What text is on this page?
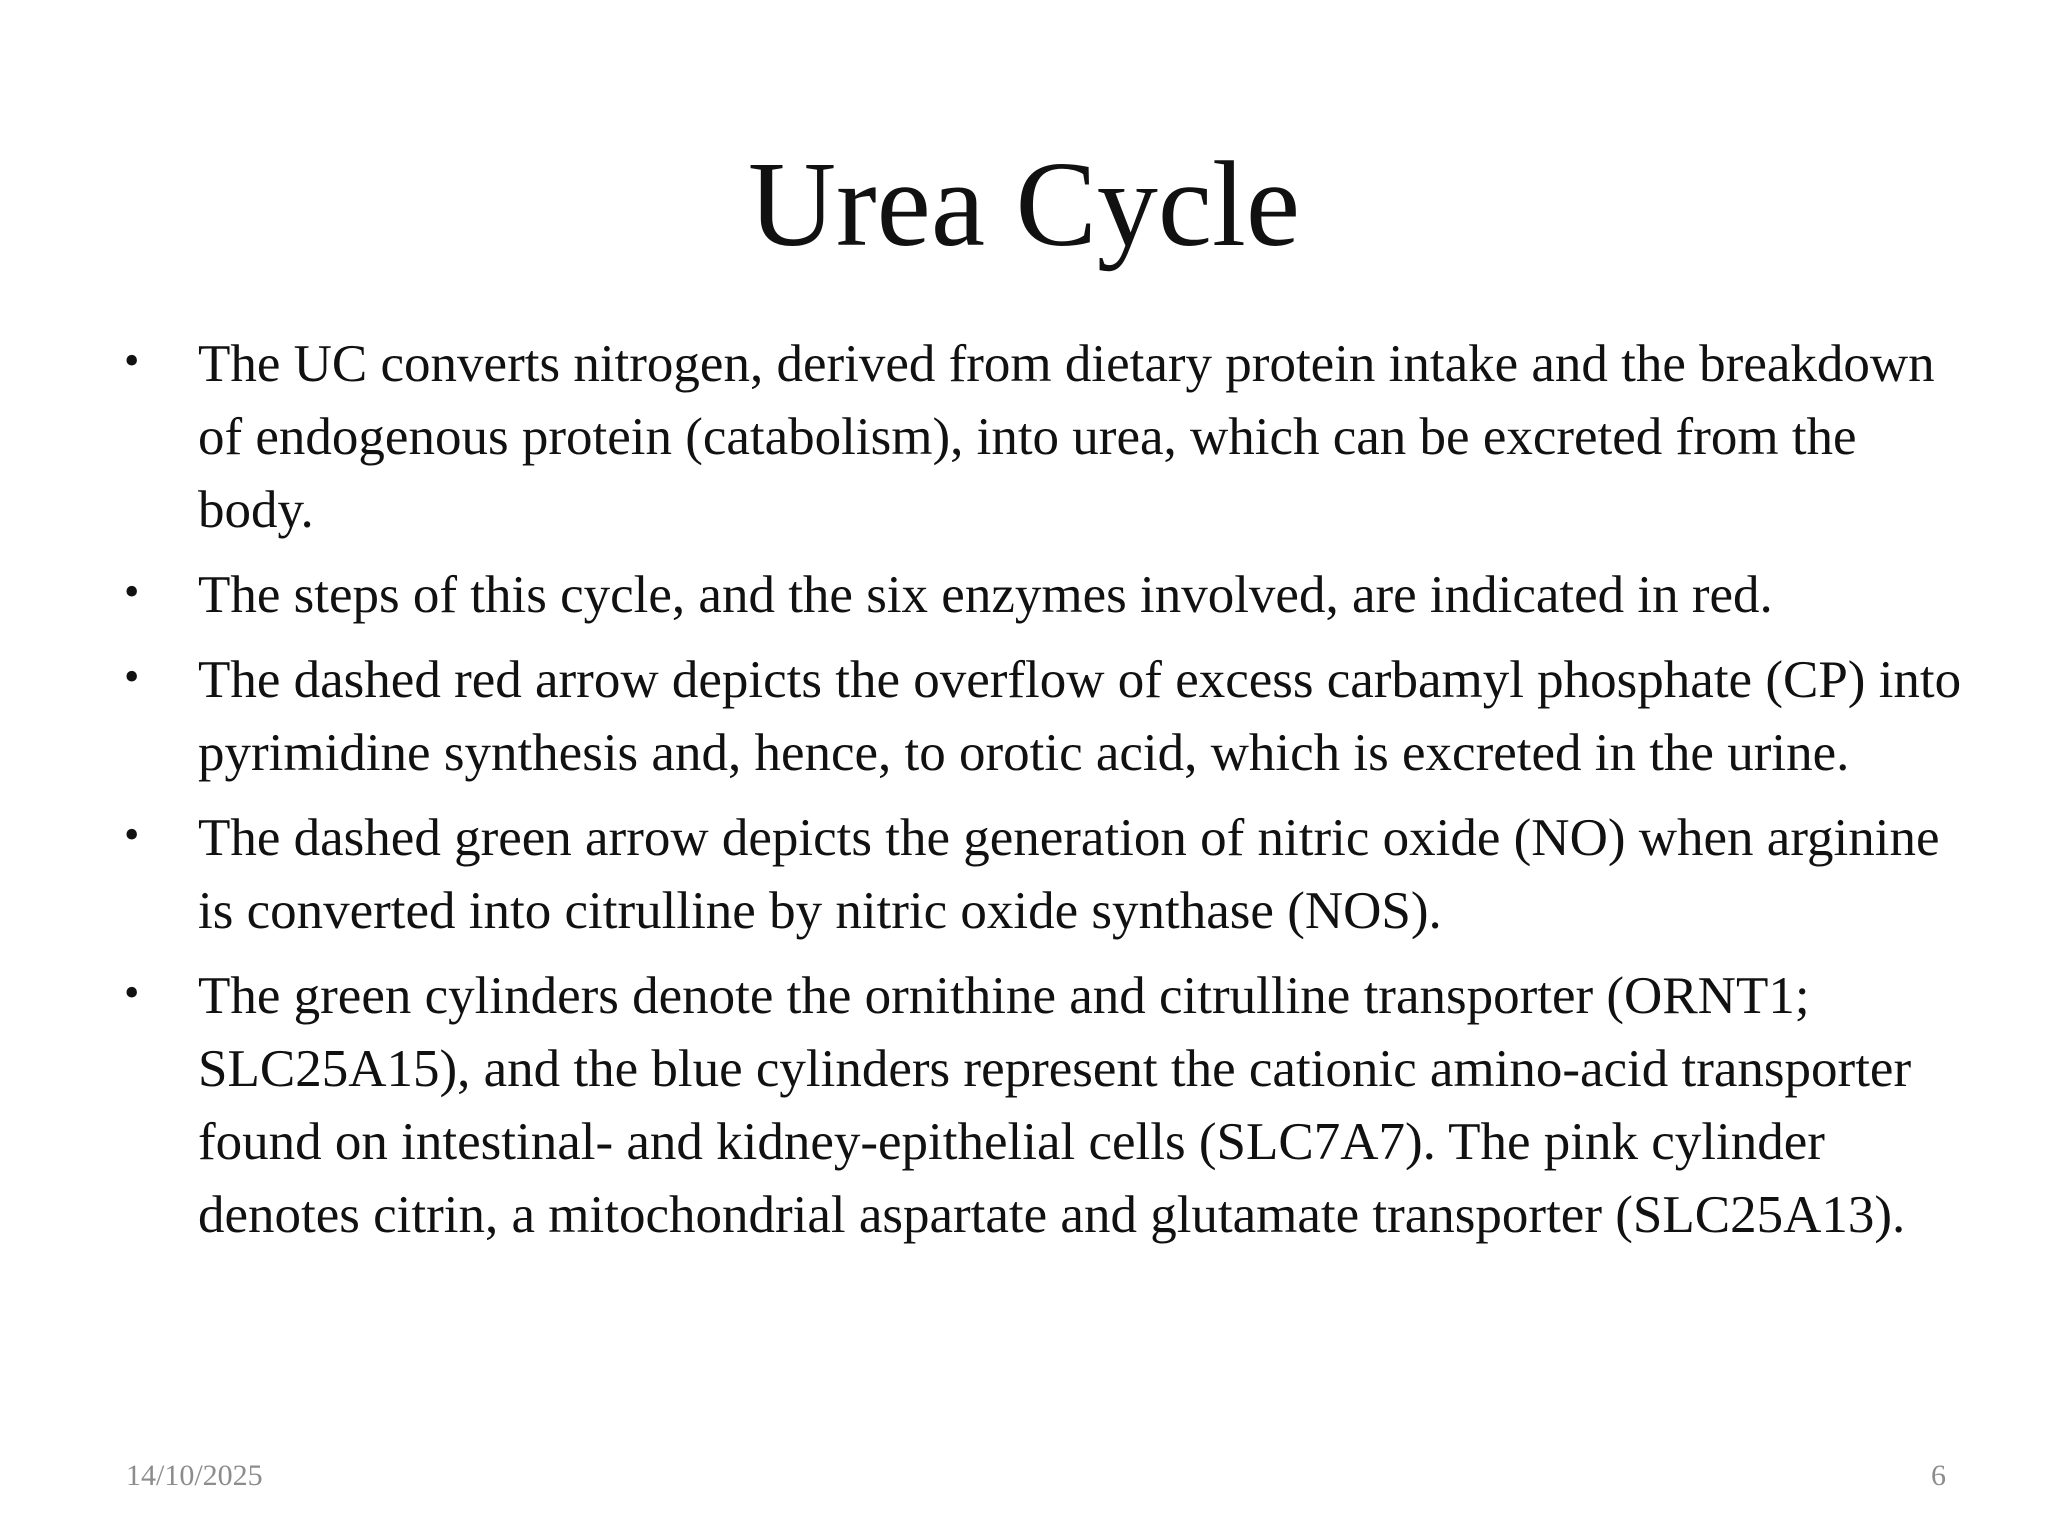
Urea Cycle
• The UC converts nitrogen, derived from dietary protein intake and the breakdown of endogenous protein (catabolism), into urea, which can be excreted from the body.
• The steps of this cycle, and the six enzymes involved, are indicated in red.
• The dashed red arrow depicts the overflow of excess carbamyl phosphate (CP) into pyrimidine synthesis and, hence, to orotic acid, which is excreted in the urine.
• The dashed green arrow depicts the generation of nitric oxide (NO) when arginine is converted into citrulline by nitric oxide synthase (NOS).
• The green cylinders denote the ornithine and citrulline transporter (ORNT1; SLC25A15), and the blue cylinders represent the cationic amino-acid transporter found on intestinal- and kidney-epithelial cells (SLC7A7). The pink cylinder denotes citrin, a mitochondrial aspartate and glutamate transporter (SLC25A13).
14/10/2025	6
